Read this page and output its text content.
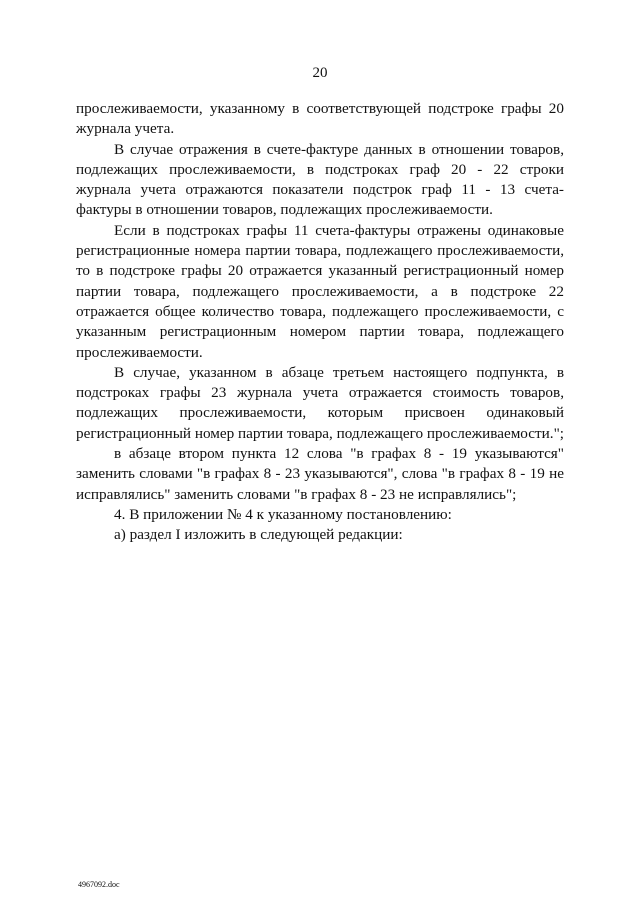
20

прослеживаемости, указанному в соответствующей подстроке графы 20 журнала учета.

В случае отражения в счете-фактуре данных в отношении товаров, подлежащих прослеживаемости, в подстроках граф 20 - 22 строки журнала учета отражаются показатели подстрок граф 11 - 13 счета-фактуры в отношении товаров, подлежащих прослеживаемости.

Если в подстроках графы 11 счета-фактуры отражены одинаковые регистрационные номера партии товара, подлежащего прослеживаемости, то в подстроке графы 20 отражается указанный регистрационный номер партии товара, подлежащего прослеживаемости, а в подстроке 22 отражается общее количество товара, подлежащего прослеживаемости, с указанным регистрационным номером партии товара, подлежащего прослеживаемости.

В случае, указанном в абзаце третьем настоящего подпункта, в подстроках графы 23 журнала учета отражается стоимость товаров, подлежащих прослеживаемости, которым присвоен одинаковый регистрационный номер партии товара, подлежащего прослеживаемости.";

в абзаце втором пункта 12 слова "в графах 8 - 19 указываются" заменить словами "в графах 8 - 23 указываются", слова "в графах 8 - 19 не исправлялись" заменить словами "в графах 8 - 23 не исправлялись";

4. В приложении № 4 к указанному постановлению:

а) раздел I изложить в следующей редакции:

4967092.doc
